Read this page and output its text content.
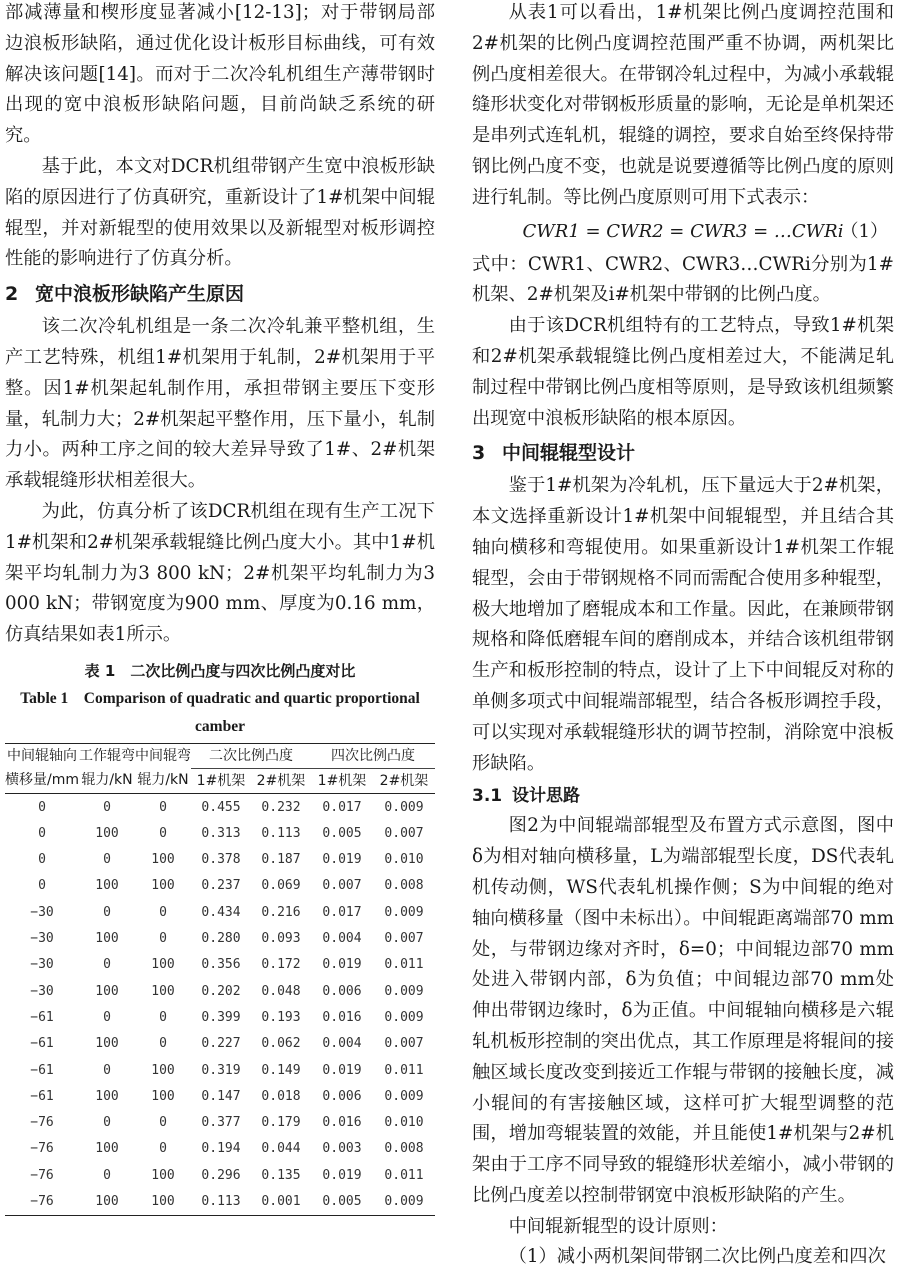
部减薄量和楔形度显著减小[12-13]；对于带钢局部边浪板形缺陷，通过优化设计板形目标曲线，可有效解决该问题[14]。而对于二次冷轧机组生产薄带钢时出现的宽中浪板形缺陷问题，目前尚缺乏系统的研究。

基于此，本文对DCR机组带钢产生宽中浪板形缺陷的原因进行了仿真研究，重新设计了1#机架中间辊辊型，并对新辊型的使用效果以及新辊型对板形调控性能的影响进行了仿真分析。

2 宽中浪板形缺陷产生原因

该二次冷轧机组是一条二次冷轧兼平整机组，生产工艺特殊，机组1#机架用于轧制，2#机架用于平整。因1#机架起轧制作用，承担带钢主要压下变形量，轧制力大；2#机架起平整作用，压下量小，轧制力小。两种工序之间的较大差异导致了1#、2#机架承载辊缝形状相差很大。

为此，仿真分析了该DCR机组在现有生产工况下1#机架和2#机架承载辊缝比例凸度大小。其中1#机架平均轧制力为3 800 kN；2#机架平均轧制力为3 000 kN；带钢宽度为900 mm、厚度为0.16 mm，仿真结果如表1所示。

表 1　二次比例凸度与四次比例凸度对比
Table 1　Comparison of quadratic and quartic proportional camber
中间辊轴向横移量/mm	工作辊弯辊力/kN	中间辊弯辊力/kN	二次比例凸度		四次比例凸度	
			1#机架	2#机架	1#机架	2#机架
0	0	0	0.455	0.232	0.017	0.009
0	100	0	0.313	0.113	0.005	0.007
0	0	100	0.378	0.187	0.019	0.010
0	100	100	0.237	0.069	0.007	0.008
−30	0	0	0.434	0.216	0.017	0.009
−30	100	0	0.280	0.093	0.004	0.007
−30	0	100	0.356	0.172	0.019	0.011
−30	100	100	0.202	0.048	0.006	0.009
−61	0	0	0.399	0.193	0.016	0.009
−61	100	0	0.227	0.062	0.004	0.007
−61	0	100	0.319	0.149	0.019	0.011
−61	100	100	0.147	0.018	0.006	0.009
−76	0	0	0.377	0.179	0.016	0.010
−76	100	0	0.194	0.044	0.003	0.008
−76	0	100	0.296	0.135	0.019	0.011
−76	100	100	0.113	0.001	0.005	0.009

从表1可以看出，1#机架比例凸度调控范围和2#机架的比例凸度调控范围严重不协调，两机架比例凸度相差很大。在带钢冷轧过程中，为减小承载辊缝形状变化对带钢板形质量的影响，无论是单机架还是串列式连轧机，辊缝的调控，要求自始至终保持带钢比例凸度不变，也就是说要遵循等比例凸度的原则进行轧制。等比例凸度原则可用下式表示：

CWR1 = CWR2 = CWR3 = …CWRi
（1）

式中：CWR1、CWR2、CWR3…CWRi分别为1#机架、2#机架及i#机架中带钢的比例凸度。

由于该DCR机组特有的工艺特点，导致1#机架和2#机架承载辊缝比例凸度相差过大，不能满足轧制过程中带钢比例凸度相等原则，是导致该机组频繁出现宽中浪板形缺陷的根本原因。

3 中间辊辊型设计

鉴于1#机架为冷轧机，压下量远大于2#机架，本文选择重新设计1#机架中间辊辊型，并且结合其轴向横移和弯辊使用。如果重新设计1#机架工作辊辊型，会由于带钢规格不同而需配合使用多种辊型，极大地增加了磨辊成本和工作量。因此，在兼顾带钢规格和降低磨辊车间的磨削成本，并结合该机组带钢生产和板形控制的特点，设计了上下中间辊反对称的单侧多项式中间辊端部辊型，结合各板形调控手段，可以实现对承载辊缝形状的调节控制，消除宽中浪板形缺陷。

3.1 设计思路

图2为中间辊端部辊型及布置方式示意图，图中δ为相对轴向横移量，L为端部辊型长度，DS代表轧机传动侧，WS代表轧机操作侧；S为中间辊的绝对轴向横移量（图中未标出）。中间辊距离端部70 mm处，与带钢边缘对齐时，δ=0；中间辊边部70 mm处进入带钢内部，δ为负值；中间辊边部70 mm处伸出带钢边缘时，δ为正值。中间辊轴向横移是六辊轧机板形控制的突出优点，其工作原理是将辊间的接触区域长度改变到接近工作辊与带钢的接触长度，减小辊间的有害接触区域，这样可扩大辊型调整的范围，增加弯辊装置的效能，并且能使1#机架与2#机架由于工序不同导致的辊缝形状差缩小，减小带钢的比例凸度差以控制带钢宽中浪板形缺陷的产生。

中间辊新辊型的设计原则：

（1）减小两机架间带钢二次比例凸度差和四次
